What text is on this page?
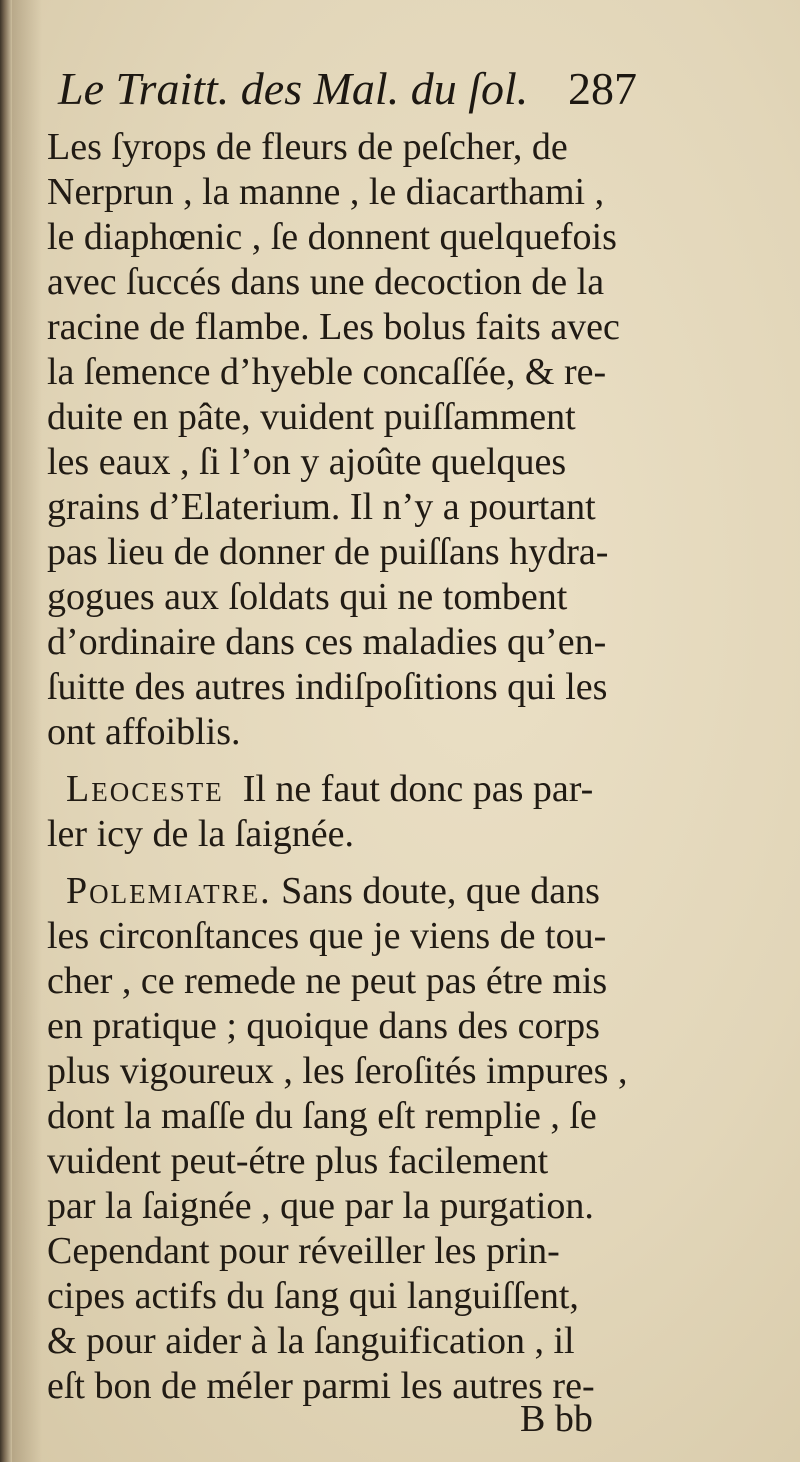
Le Traitt. des Mal. du ſol. 287
Les ſyrops de fleurs de peſcher, de
Nerprun , la manne , le diacarthami ,
le diaphœnic , ſe donnent quelquefois
avec ſuccés dans une decoction de la
racine de flambe. Les bolus faits avec
la ſemence d’hyeble concaſſée, & re-
duite en pâte, vuident puiſſamment
les eaux , ſi l’on y ajoûte quelques
grains d’Elaterium. Il n’y a pourtant
pas lieu de donner de puiſſans hydra-
gogues aux ſoldats qui ne tombent
d’ordinaire dans ces maladies qu’en-
ſuitte des autres indiſpoſitions qui les
ont affoiblis.
Leoceste Il ne faut donc pas par-
ler icy de la ſaignée.
Polemiatre. Sans doute, que dans
les circonſtances que je viens de tou-
cher , ce remede ne peut pas étre mis
en pratique ; quoique dans des corps
plus vigoureux , les ſeroſités impures ,
dont la maſſe du ſang eſt remplie , ſe
vuident peut-étre plus facilement
par la ſaignée , que par la purgation.
Cependant pour réveiller les prin-
cipes actifs du ſang qui languiſſent,
& pour aider à la ſanguification , il
eſt bon de méler parmi les autres re-
B bb
